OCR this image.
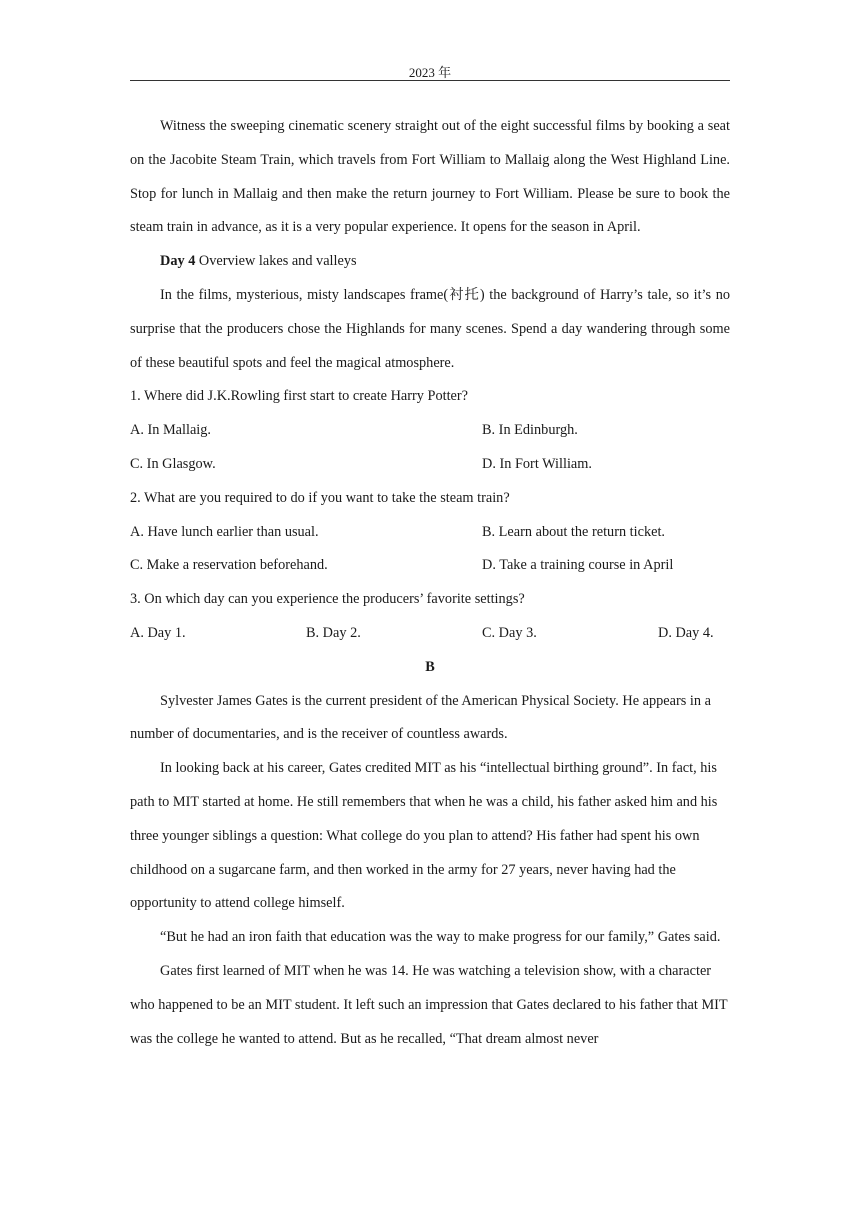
2023 年

Witness the sweeping cinematic scenery straight out of the eight successful films by booking a seat on the Jacobite Steam Train, which travels from Fort William to Mallaig along the West Highland Line. Stop for lunch in Mallaig and then make the return journey to Fort William. Please be sure to book the steam train in advance, as it is a very popular experience. It opens for the season in April.

Day 4 Overview lakes and valleys

In the films, mysterious, misty landscapes frame(衬托) the background of Harry’s tale, so it’s no surprise that the producers chose the Highlands for many scenes. Spend a day wandering through some of these beautiful spots and feel the magical atmosphere.

1. Where did J.K.Rowling first start to create Harry Potter?

A. In Mallaig.	B. In Edinburgh.
C. In Glasgow.	D. In Fort William.

2. What are you required to do if you want to take the steam train?

A. Have lunch earlier than usual.	B. Learn about the return ticket.
C. Make a reservation beforehand.	D. Take a training course in April

3. On which day can you experience the producers’ favorite settings?

A. Day 1.	B. Day 2.	C. Day 3.	D. Day 4.

B

Sylvester James Gates is the current president of the American Physical Society. He appears in a number of documentaries, and is the receiver of countless awards.

In looking back at his career, Gates credited MIT as his “intellectual birthing ground”. In fact, his path to MIT started at home. He still remembers that when he was a child, his father asked him and his three younger siblings a question: What college do you plan to attend? His father had spent his own childhood on a sugarcane farm, and then worked in the army for 27 years, never having had the opportunity to attend college himself.

“But he had an iron faith that education was the way to make progress for our family,” Gates said.

Gates first learned of MIT when he was 14. He was watching a television show, with a character who happened to be an MIT student. It left such an impression that Gates declared to his father that MIT was the college he wanted to attend. But as he recalled, “That dream almost never
